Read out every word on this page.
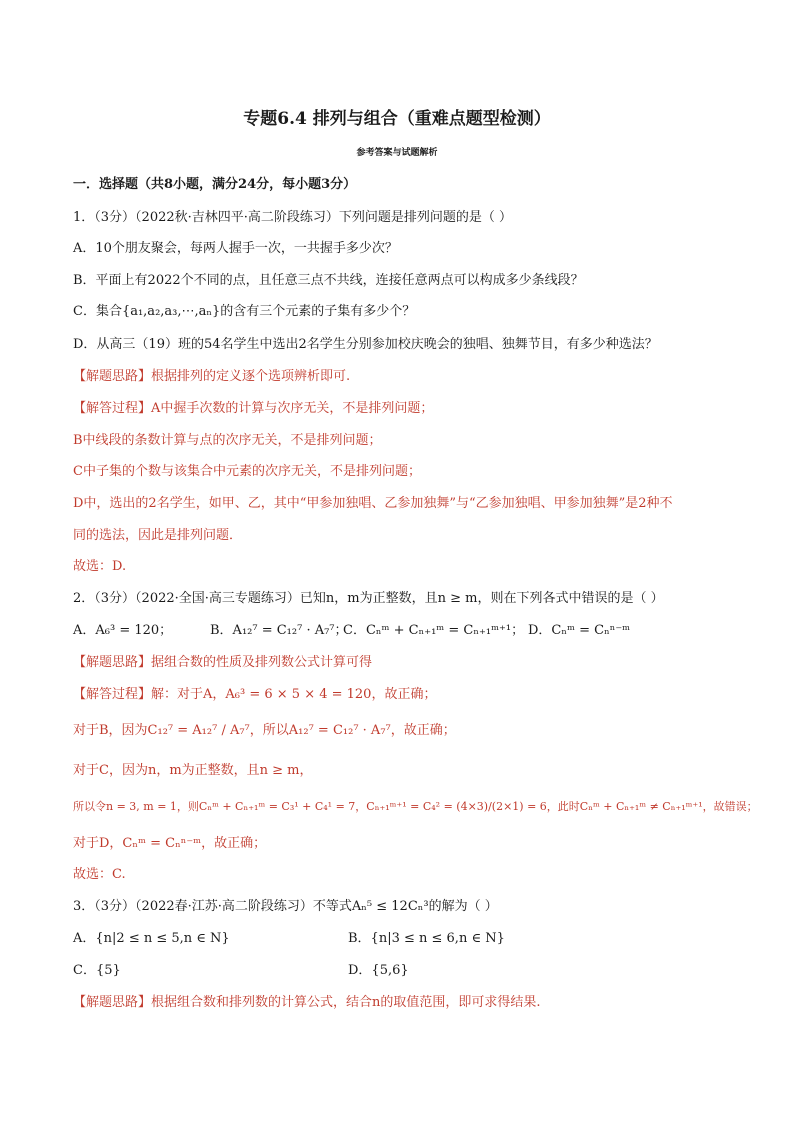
专题6.4 排列与组合（重难点题型检测）
参考答案与试题解析
一．选择题（共8小题，满分24分，每小题3分）
1．（3分）（2022秋·吉林四平·高二阶段练习）下列问题是排列问题的是（ ）
A．10个朋友聚会，每两人握手一次，一共握手多少次？
B．平面上有2022个不同的点，且任意三点不共线，连接任意两点可以构成多少条线段？
C．集合{a₁,a₂,a₃,⋯,aₙ}的含有三个元素的子集有多少个？
D．从高三（19）班的54名学生中选出2名学生分别参加校庆晚会的独唱、独舞节目，有多少种选法？
【解题思路】根据排列的定义逐个选项辨析即可.
【解答过程】A中握手次数的计算与次序无关，不是排列问题；
B中线段的条数计算与点的次序无关，不是排列问题；
C中子集的个数与该集合中元素的次序无关，不是排列问题；
D中，选出的2名学生，如甲、乙，其中“甲参加独唱、乙参加独舞”与“乙参加独唱、甲参加独舞”是2种不
同的选法，因此是排列问题．
故选：D.
2．（3分）（2022·全国·高三专题练习）已知n，m为正整数，且n ≥ m，则在下列各式中错误的是（ ）
A．A₆³ = 120；	B．A₁₂⁷ = C₁₂⁷ · A₇⁷；
C．Cₙᵐ + Cₙ₊₁ᵐ = Cₙ₊₁ᵐ⁺¹； D．Cₙᵐ = Cₙⁿ⁻ᵐ
【解题思路】据组合数的性质及排列数公式计算可得
【解答过程】解：对于A，A₆³ = 6 × 5 × 4 = 120，故正确；
对于B，因为C₁₂⁷ = A₁₂⁷ / A₇⁷，所以A₁₂⁷ = C₁₂⁷ · A₇⁷，故正确；
对于C，因为n，m为正整数，且n ≥ m，
所以令n = 3, m = 1，则Cₙᵐ + Cₙ₊₁ᵐ = C₃¹ + C₄¹ = 7，Cₙ₊₁ᵐ⁺¹ = C₄² = (4×3)/(2×1) = 6，此时Cₙᵐ + Cₙ₊₁ᵐ ≠ Cₙ₊₁ᵐ⁺¹，故错误；
对于D，Cₙᵐ = Cₙⁿ⁻ᵐ，故正确；
故选：C.
3．（3分）（2022春·江苏·高二阶段练习）不等式Aₙ⁵ ≤ 12Cₙ³的解为（ ）
A．{n|2 ≤ n ≤ 5,n ∈ N}	B．{n|3 ≤ n ≤ 6,n ∈ N}
C．{5}	D．{5,6}
【解题思路】根据组合数和排列数的计算公式，结合n的取值范围，即可求得结果.
